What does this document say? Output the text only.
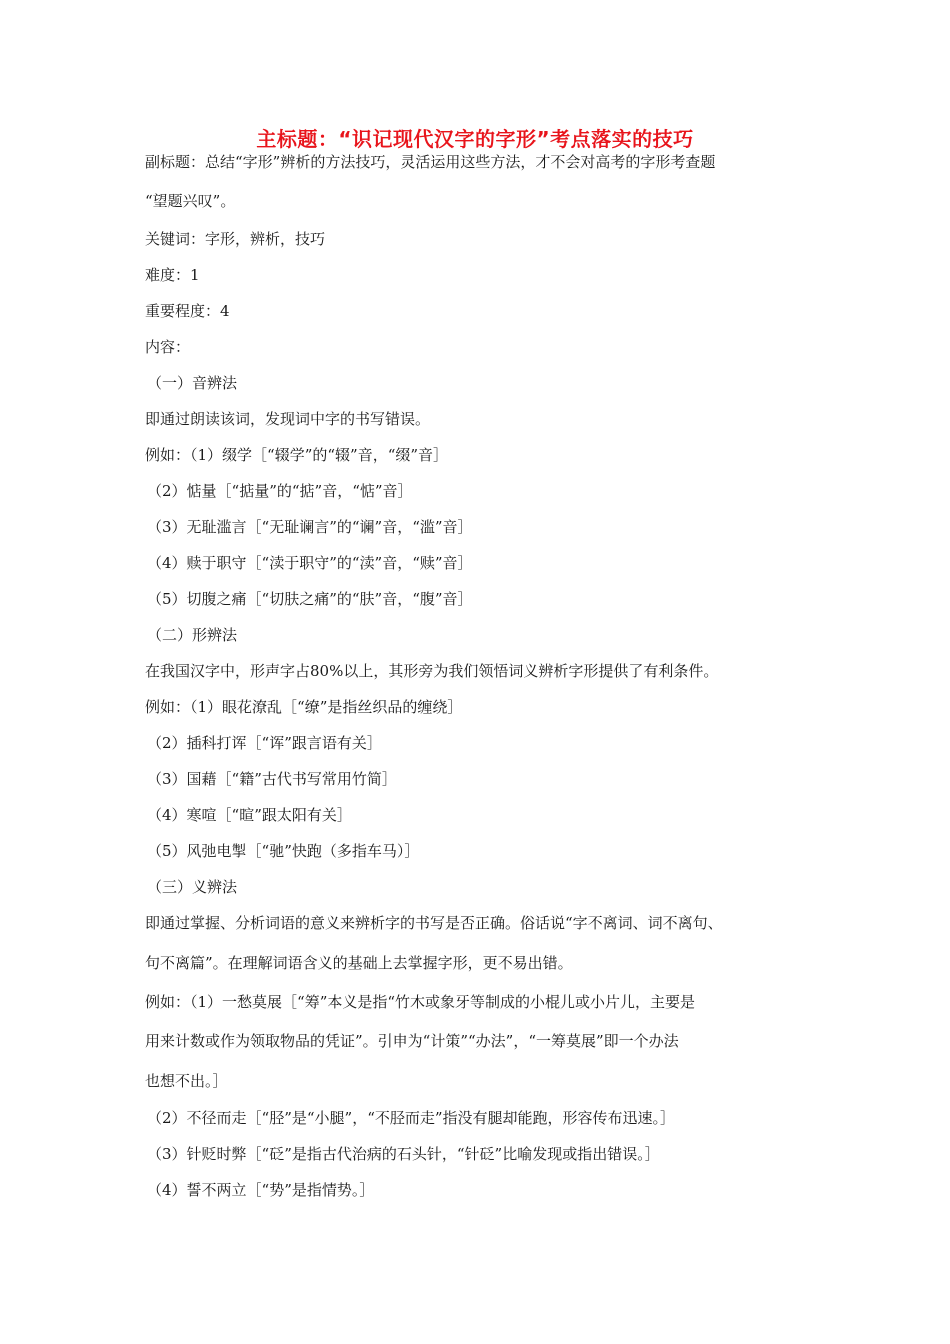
主标题：“识记现代汉字的字形”考点落实的技巧
副标题：总结“字形”辨析的方法技巧，灵活运用这些方法，才不会对高考的字形考查题
“望题兴叹”。
关键词：字形，辨析，技巧
难度：1
重要程度：4
内容：
（一）音辨法
即通过朗读该词，发现词中字的书写错误。
例如：（1）缀学［“辍学”的“辍”音，“缀”音］
（2）惦量［“掂量”的“掂”音，“惦”音］
（3）无耻滥言［“无耻谰言”的“谰”音，“滥”音］
（4）赎于职守［“渎于职守”的“渎”音，“赎”音］
（5）切腹之痛［“切肤之痛”的“肤”音，“腹”音］
（二）形辨法
在我国汉字中，形声字占80%以上，其形旁为我们领悟词义辨析字形提供了有利条件。
例如：（1）眼花潦乱［“缭”是指丝织品的缠绕］
（2）插科打诨［“诨”跟言语有关］
（3）国藉［“籍”古代书写常用竹简］
（4）寒喧［“暄”跟太阳有关］
（5）风弛电掣［“驰”快跑（多指车马）］
（三）义辨法
即通过掌握、分析词语的意义来辨析字的书写是否正确。俗话说“字不离词、词不离句、
句不离篇”。在理解词语含义的基础上去掌握字形，更不易出错。
例如：（1）一愁莫展［“筹”本义是指“竹木或象牙等制成的小棍儿或小片儿，主要是
用来计数或作为领取物品的凭证”。引申为“计策”“办法”，“一筹莫展”即一个办法
也想不出。］
（2）不径而走［“胫”是“小腿”，“不胫而走”指没有腿却能跑，形容传布迅速。］
（3）针贬时弊［“砭”是指古代治病的石头针，“针砭”比喻发现或指出错误。］
（4）誓不两立［“势”是指情势。］
